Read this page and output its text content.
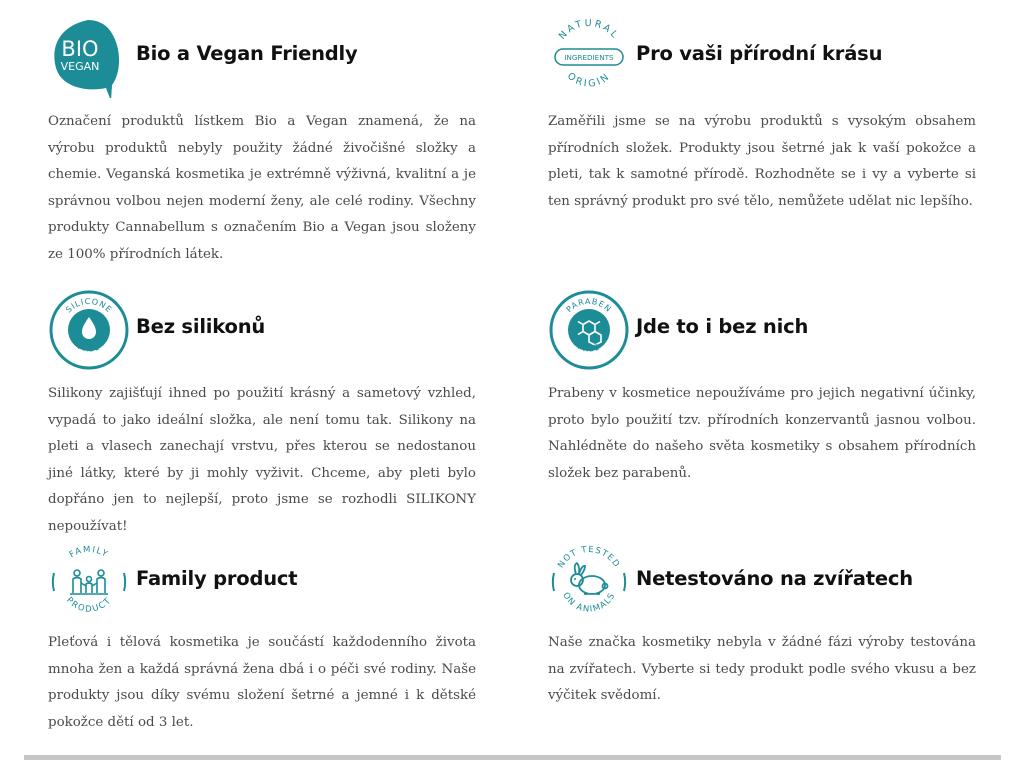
BIO
VEGAN
Bio a Vegan Friendly

Označení produktů lístkem Bio a Vegan znamená, že na výrobu produktů nebyly použity žádné živočišné složky a chemie. Veganská kosmetika je extrémně výživná, kvalitní a je správnou volbou nejen moderní ženy, ale celé rodiny. Všechny produkty Cannabellum s označením Bio a Vegan jsou složeny ze 100% přírodních látek.

NATURAL
INGREDIENTS
ORIGIN
Pro vaši přírodní krásu

Zaměřili jsme se na výrobu produktů s vysokým obsahem přírodních složek. Produkty jsou šetrné jak k vaší pokožce a pleti, tak k samotné přírodě. Rozhodněte se i vy a vyberte si ten správný produkt pro své tělo, nemůžete udělat nic lepšího.

SILICONE
FREE
Bez silikonů

Silikony zajišťují ihned po použití krásný a sametový vzhled, vypadá to jako ideální složka, ale není tomu tak. Silikony na pleti a vlasech zanechají vrstvu, přes kterou se nedostanou jiné látky, které by ji mohly vyživit. Chceme, aby pleti bylo dopřáno jen to nejlepší, proto jsme se rozhodli SILIKONY nepoužívat!

PARABEN
FREE
Jde to i bez nich

Prabeny v kosmetice nepoužíváme pro jejich negativní účinky, proto bylo použití tzv. přírodních konzervantů jasnou volbou. Nahlédněte do našeho světa kosmetiky s obsahem přírodních složek bez parabenů.

FAMILY
PRODUCT
Family product

Pleťová i tělová kosmetika je součástí každodenního života mnoha žen a každá správná žena dbá i o péči své rodiny. Naše produkty jsou díky svému složení šetrné a jemné i k dětské pokožce dětí od 3 let.

NOT TESTED
ON ANIMALS
Netestováno na zvířatech

Naše značka kosmetiky nebyla v žádné fázi výroby testována na zvířatech. Vyberte si tedy produkt podle svého vkusu a bez výčitek svědomí.
